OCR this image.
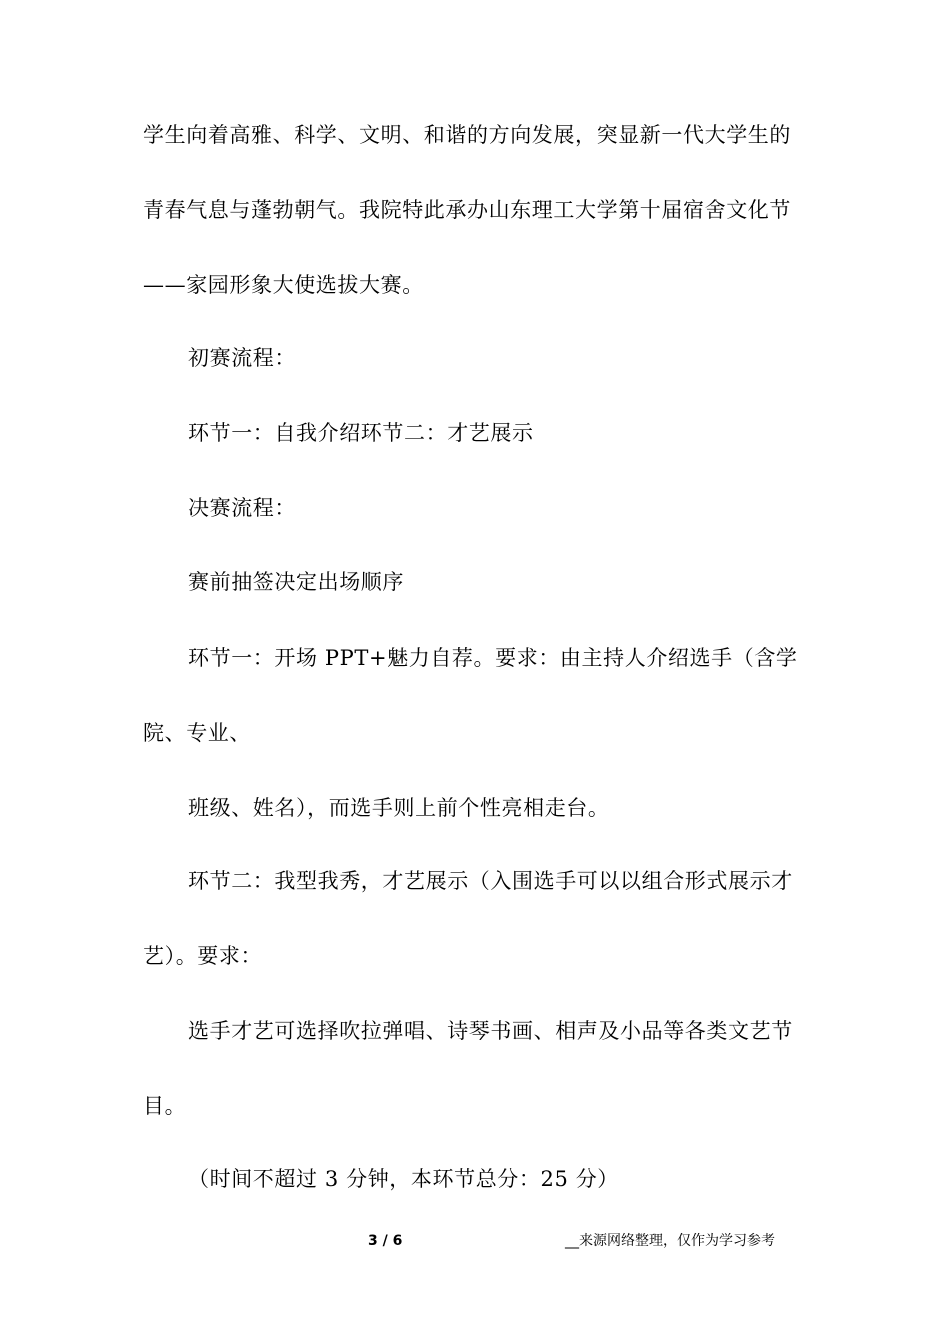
学生向着高雅、科学、文明、和谐的方向发展，突显新一代大学生的
青春气息与蓬勃朝气。我院特此承办山东理工大学第十届宿舍文化节
——家园形象大使选拔大赛。
初赛流程：
环节一：自我介绍环节二：才艺展示
决赛流程：
赛前抽签决定出场顺序
环节一：开场 PPT+魅力自荐。要求：由主持人介绍选手（含学
院、专业、
班级、姓名），而选手则上前个性亮相走台。
环节二：我型我秀，才艺展示（入围选手可以以组合形式展示才
艺）。要求：
选手才艺可选择吹拉弹唱、诗琴书画、相声及小品等各类文艺节
目。
（时间不超过 3 分钟，本环节总分：25 分）
3 / 6	__来源网络整理，仅作为学习参考
